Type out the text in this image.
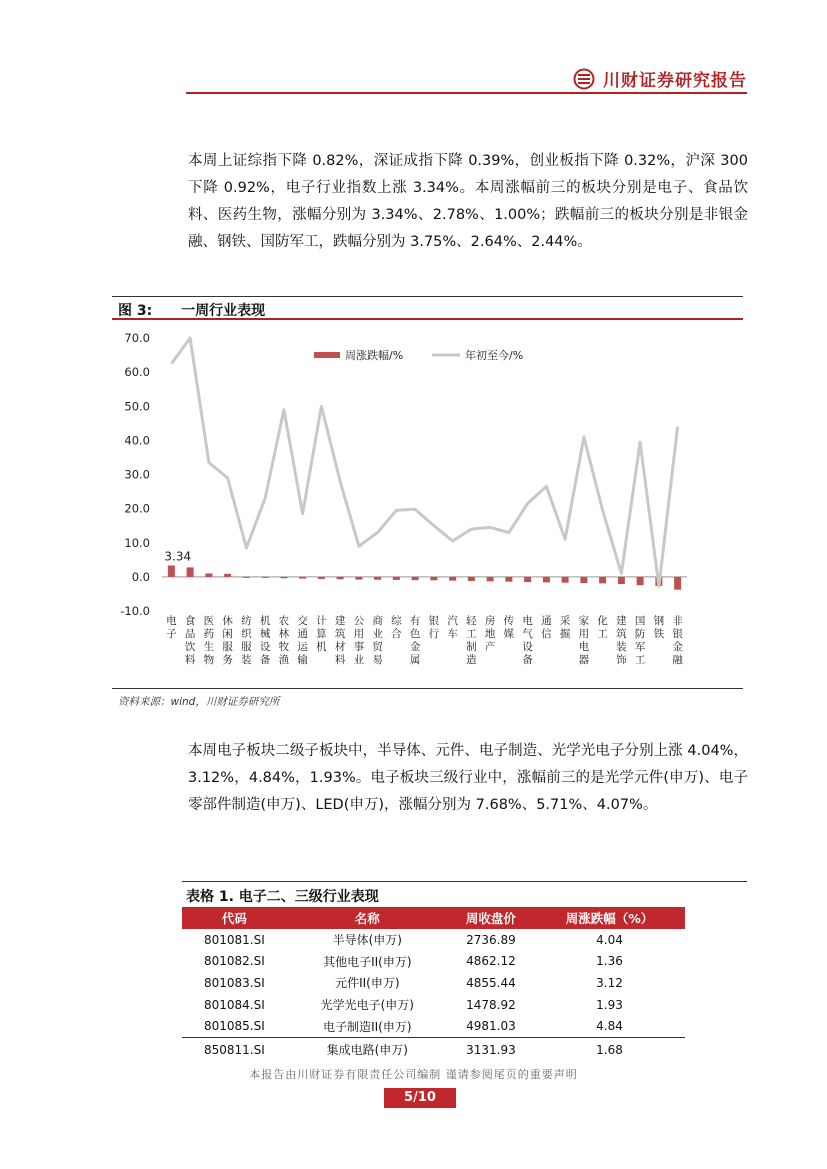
川财证券研究报告
本周上证综指下降 0.82%，深证成指下降 0.39%，创业板指下降 0.32%，沪深 300 下降 0.92%，电子行业指数上涨 3.34%。本周涨幅前三的板块分别是电子、食品饮料、医药生物，涨幅分别为 3.34%、2.78%、1.00%；跌幅前三的板块分别是非银金融、钢铁、国防军工，跌幅分别为 3.75%、2.64%、2.44%。
图 3: 一周行业表现
70.0
60.0
50.0
40.0
30.0
20.0
10.0
0.0
-10.0
3.34
电子
食品饮料
医药生物
休闲服务
纺织服装
机械设备
农林牧渔
交通运输
计算机
建筑材料
公用事业
商业贸易
综合
有色金属
银行
汽车
轻工制造
房地产
传媒
电气设备
通信
采掘
家用电器
化工
建筑装饰
国防军工
钢铁
非银金融
周涨跌幅/%	年初至今/%
资料来源：wind，川财证券研究所
本周电子板块二级子板块中，半导体、元件、电子制造、光学光电子分别上涨 4.04%，3.12%，4.84%，1.93%。电子板块三级行业中，涨幅前三的是光学元件(申万)、电子零部件制造(申万)、LED(申万)，涨幅分别为 7.68%、5.71%、4.07%。
表格 1. 电子二、三级行业表现
代码	名称	周收盘价	周涨跌幅（%）
801081.SI	半导体(申万)	2736.89	4.04
801082.SI	其他电子II(申万)	4862.12	1.36
801083.SI	元件II(申万)	4855.44	3.12
801084.SI	光学光电子(申万)	1478.92	1.93
801085.SI	电子制造II(申万)	4981.03	4.84
850811.SI	集成电路(申万)	3131.93	1.68
本报告由川财证券有限责任公司编制 谨请参阅尾页的重要声明
5/10
